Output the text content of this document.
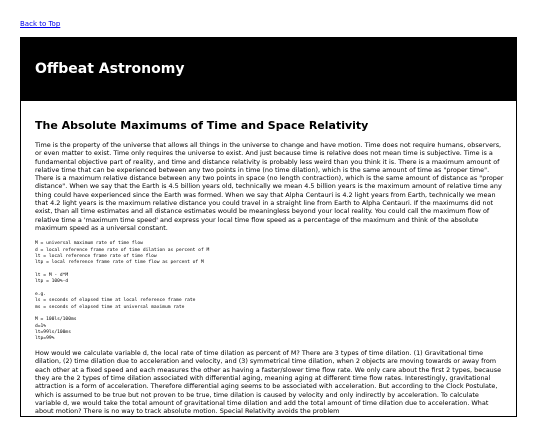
Back to Top
Offbeat Astronomy
The Absolute Maximums of Time and Space Relativity

Time is the property of the universe that allows all things in the universe to change and have motion. Time does not require humans, observers, or even matter to exist. Time only requires the universe to exist. And just because time is relative does not mean time is subjective. Time is a fundamental objective part of reality, and time and distance relativity is probably less weird than you think it is. There is a maximum amount of relative time that can be experienced between any two points in time (no time dilation), which is the same amount of time as "proper time". There is a maximum relative distance between any two points in space (no length contraction), which is the same amount of distance as "proper distance". When we say that the Earth is 4.5 billion years old, technically we mean 4.5 billion years is the maximum amount of relative time any thing could have experienced since the Earth was formed. When we say that Alpha Centauri is 4.2 light years from Earth, technically we mean that 4.2 light years is the maximum relative distance you could travel in a straight line from Earth to Alpha Centauri. If the maximums did not exist, than all time estimates and all distance estimates would be meaningless beyond your local reality. You could call the maximum flow of relative time a 'maximum time speed' and express your local time flow speed as a percentage of the maximum and think of the absolute maximum speed as a universal constant.

M = universal maximum rate of time flow
d = local reference frame rate of time dilation as percent of M
lt = local reference frame rate of time flow
ltp = local reference frame rate of time flow as percent of M
lt = M - d*M
ltp = 100%-d
e.g.
ls = seconds of elapsed time at local reference frame rate
ms = seconds of elapsed time at universal maximum rate
M = 100ls/100ms
d=1%
lt=99ls/100ms
ltp=99%

How would we calculate variable d, the local rate of time dilation as percent of M? There are 3 types of time dilation. (1) Gravitational time dilation, (2) time dilation due to acceleration and velocity, and (3) symmetrical time dilation, when 2 objects are moving towards or away from each other at a fixed speed and each measures the other as having a faster/slower time flow rate. We only care about the first 2 types, because they are the 2 types of time dilation associated with differential aging, meaning aging at different time flow rates. Interestingly, gravitational attraction is a form of acceleration. Therefore differential aging seems to be associated with acceleration. But according to the Clock Postulate, which is assumed to be true but not proven to be true, time dilation is caused by velocity and only indirectly by acceleration. To calculate variable d, we would take the total amount of gravitational time dilation and add the total amount of time dilation due to acceleration. What about motion? There is no way to track absolute motion. Special Relativity avoids the problem
